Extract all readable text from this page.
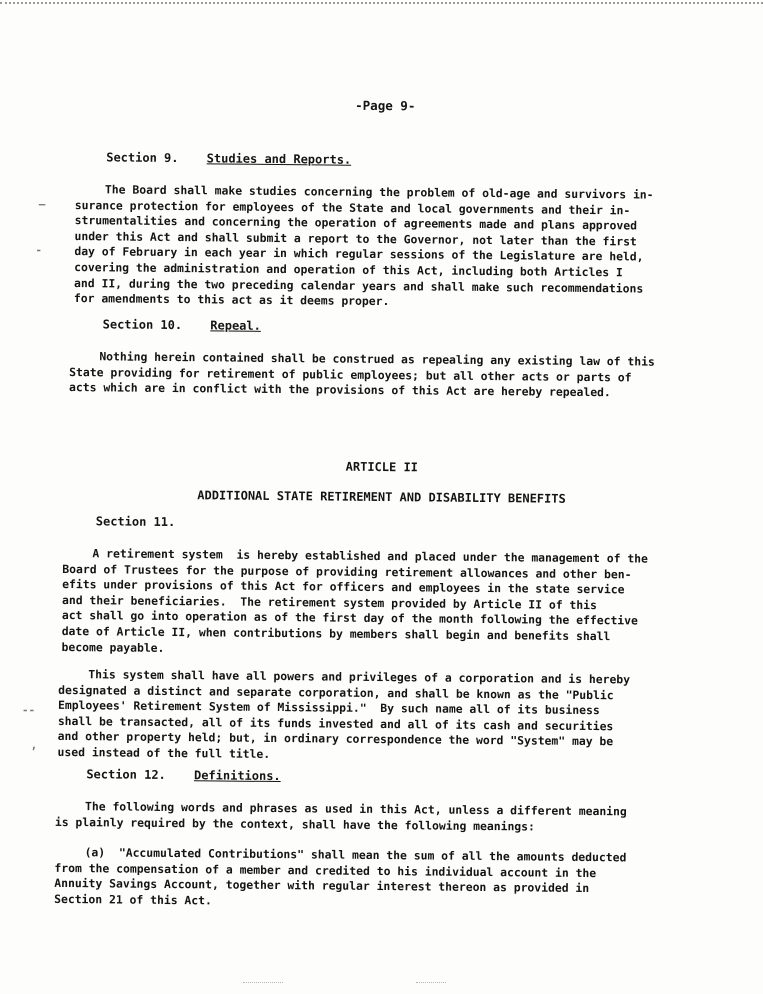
-Page 9-
Section 9. Studies and Reports.
The Board shall make studies concerning the problem of old-age and survivors in-
surance protection for employees of the State and local governments and their in-
strumentalities and concerning the operation of agreements made and plans approved
under this Act and shall submit a report to the Governor, not later than the first
day of February in each year in which regular sessions of the Legislature are held,
covering the administration and operation of this Act, including both Articles I
and II, during the two preceding calendar years and shall make such recommendations
for amendments to this act as it deems proper.
Section 10. Repeal.
Nothing herein contained shall be construed as repealing any existing law of this
State providing for retirement of public employees; but all other acts or parts of
acts which are in conflict with the provisions of this Act are hereby repealed.
ARTICLE II
ADDITIONAL STATE RETIREMENT AND DISABILITY BENEFITS
Section 11.
A retirement system  is hereby established and placed under the management of the
Board of Trustees for the purpose of providing retirement allowances and other ben-
efits under provisions of this Act for officers and employees in the state service
and their beneficiaries.  The retirement system provided by Article II of this
act shall go into operation as of the first day of the month following the effective
date of Article II, when contributions by members shall begin and benefits shall
become payable.
This system shall have all powers and privileges of a corporation and is hereby
designated a distinct and separate corporation, and shall be known as the "Public
Employees' Retirement System of Mississippi."  By such name all of its business
shall be transacted, all of its funds invested and all of its cash and securities
and other property held; but, in ordinary correspondence the word "System" may be
used instead of the full title.
Section 12. Definitions.
The following words and phrases as used in this Act, unless a different meaning
is plainly required by the context, shall have the following meanings:
(a)  "Accumulated Contributions" shall mean the sum of all the amounts deducted
from the compensation of a member and credited to his individual account in the
Annuity Savings Account, together with regular interest thereon as provided in
Section 21 of this Act.
–
-
‑‑
,
